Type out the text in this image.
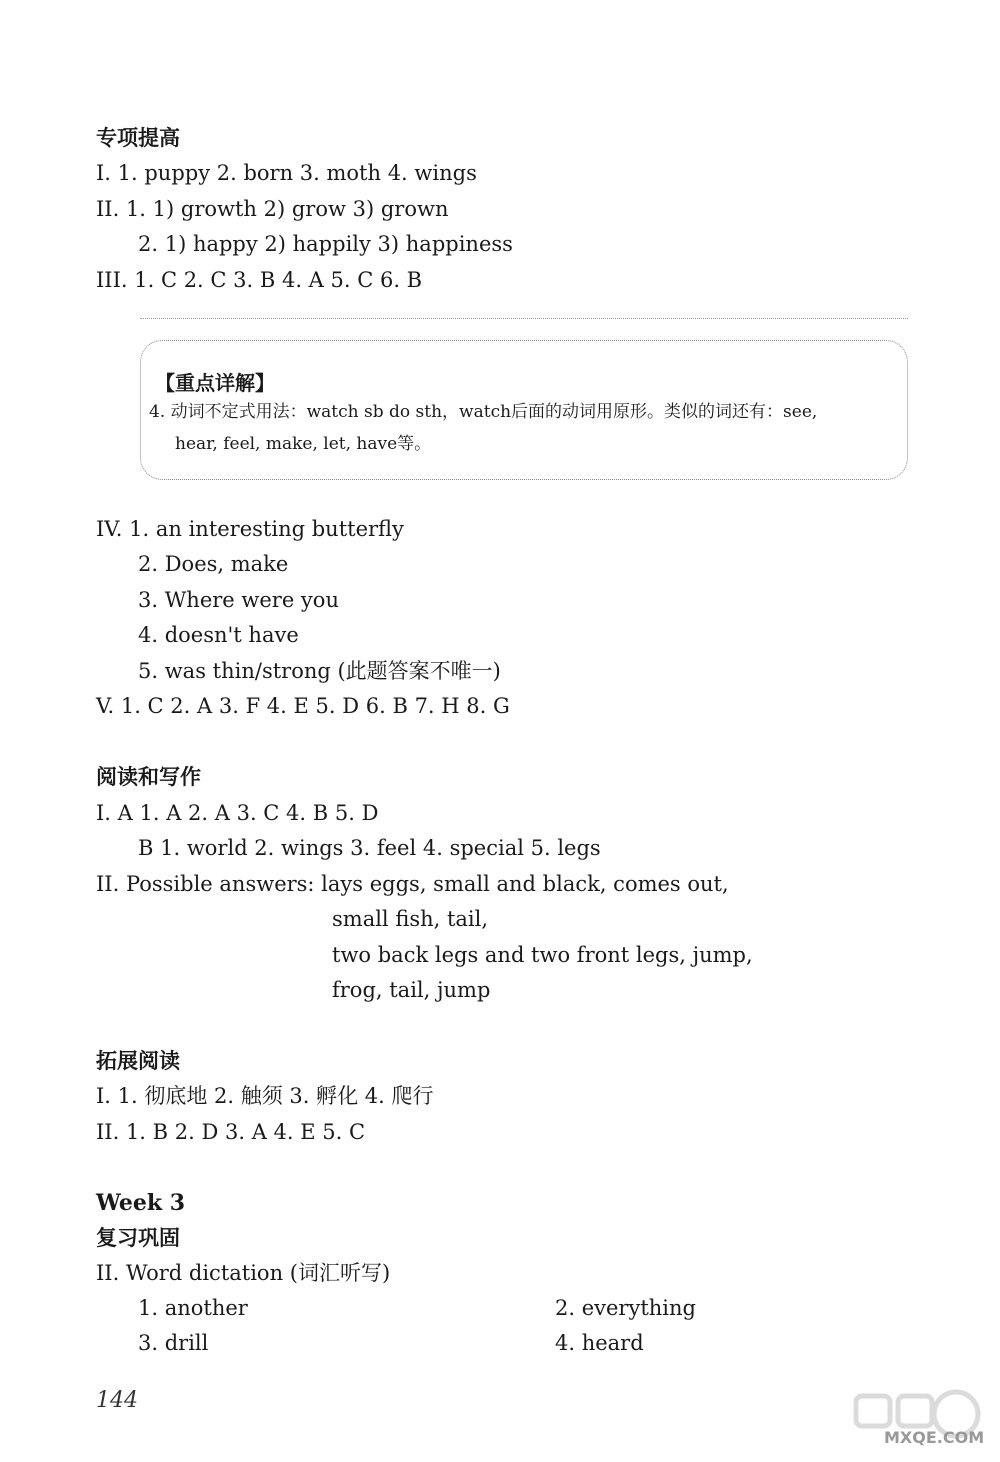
专项提高
I. 1. puppy 2. born 3. moth 4. wings
II. 1. 1) growth 2) grow 3) grown
2. 1) happy 2) happily 3) happiness
III. 1. C 2. C 3. B 4. A 5. C 6. B
【重点详解】
4. 动词不定式用法：watch sb do sth，watch后面的动词用原形。类似的词还有：see,
hear, feel, make, let, have等。
IV. 1. an interesting butterfly
2. Does, make
3. Where were you
4. doesn't have
5. was thin/strong (此题答案不唯一)
V. 1. C 2. A 3. F 4. E 5. D 6. B 7. H 8. G
阅读和写作
I. A 1. A 2. A 3. C 4. B 5. D
B 1. world 2. wings 3. feel 4. special 5. legs
II. Possible answers: lays eggs, small and black, comes out,
small fish, tail,
two back legs and two front legs, jump,
frog, tail, jump
拓展阅读
I. 1. 彻底地 2. 触须 3. 孵化 4. 爬行
II. 1. B 2. D 3. A 4. E 5. C
Week 3
复习巩固
II. Word dictation (词汇听写)
1. another	2. everything
3. drill	4. heard
144
MXQE.COM
